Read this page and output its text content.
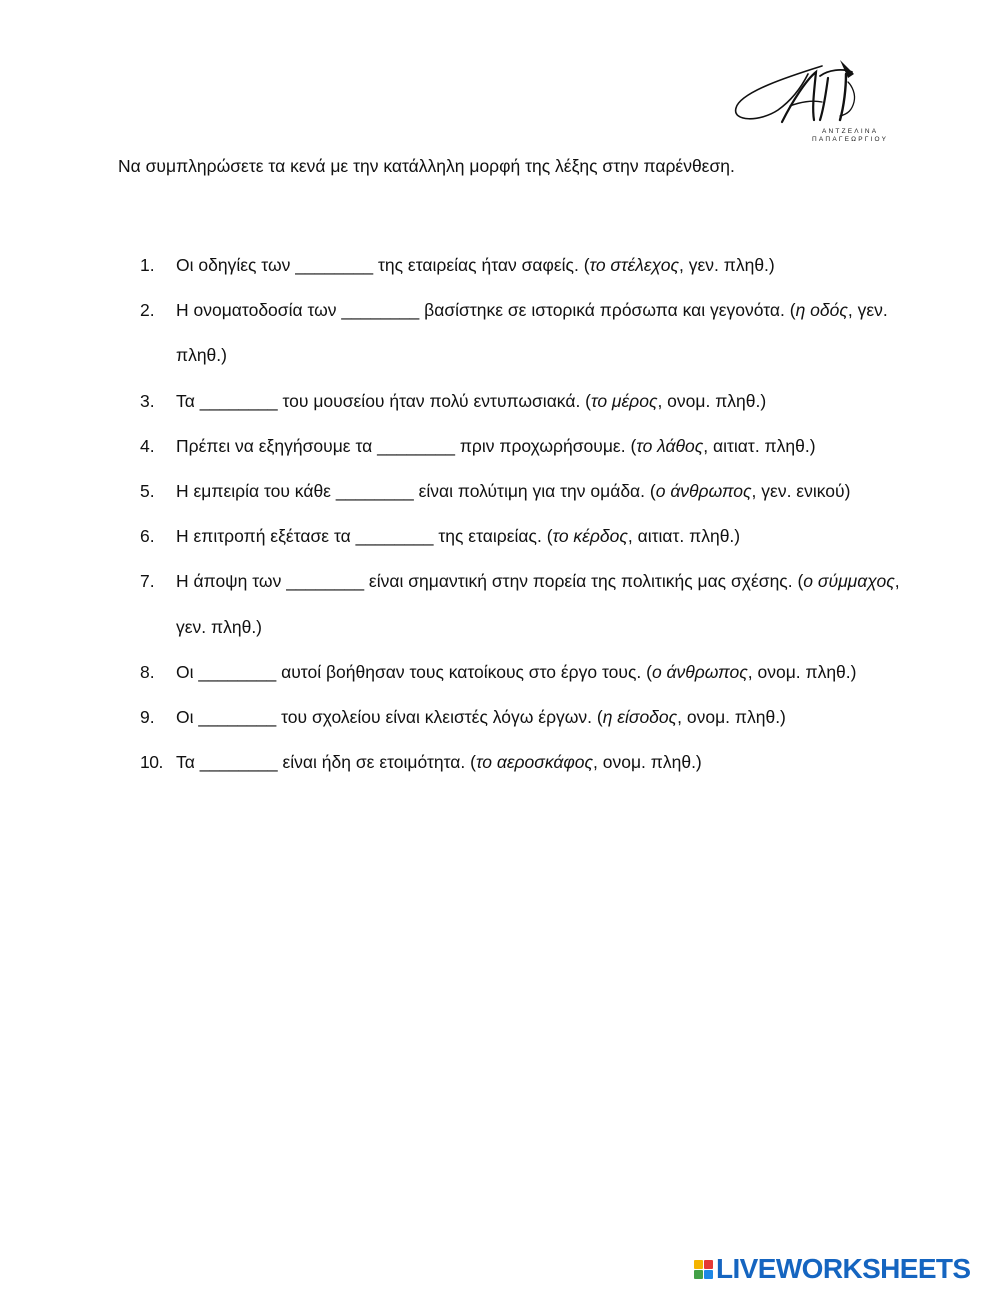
ΑΝΤΖΕΛΙΝΑ
ΠΑΠΑΓΕΩΡΓΙΟΥ
Να συμπληρώσετε τα κενά με την κατάλληλη μορφή της λέξης στην παρένθεση.
1.	Οι οδηγίες των ________ της εταιρείας ήταν σαφείς. (το στέλεχος, γεν. πληθ.)
2.	Η ονοματοδοσία των ________ βασίστηκε σε ιστορικά πρόσωπα και γεγονότα. (η οδός, γεν. πληθ.)
3.	Τα ________ του μουσείου ήταν πολύ εντυπωσιακά. (το μέρος, ονομ. πληθ.)
4.	Πρέπει να εξηγήσουμε τα ________ πριν προχωρήσουμε. (το λάθος, αιτιατ. πληθ.)
5.	Η εμπειρία του κάθε ________ είναι πολύτιμη για την ομάδα. (ο άνθρωπος, γεν. ενικού)
6.	Η επιτροπή εξέτασε τα ________ της εταιρείας. (το κέρδος, αιτιατ. πληθ.)
7.	Η άποψη των ________ είναι σημαντική στην πορεία της πολιτικής μας σχέσης. (ο σύμμαχος, γεν. πληθ.)
8.	Οι ________ αυτοί βοήθησαν τους κατοίκους στο έργο τους. (ο άνθρωπος, ονομ. πληθ.)
9.	Οι ________ του σχολείου είναι κλειστές λόγω έργων. (η είσοδος, ονομ. πληθ.)
10. Τα ________ είναι ήδη σε ετοιμότητα. (το αεροσκάφος, ονομ. πληθ.)
LIVEWORKSHEETS
